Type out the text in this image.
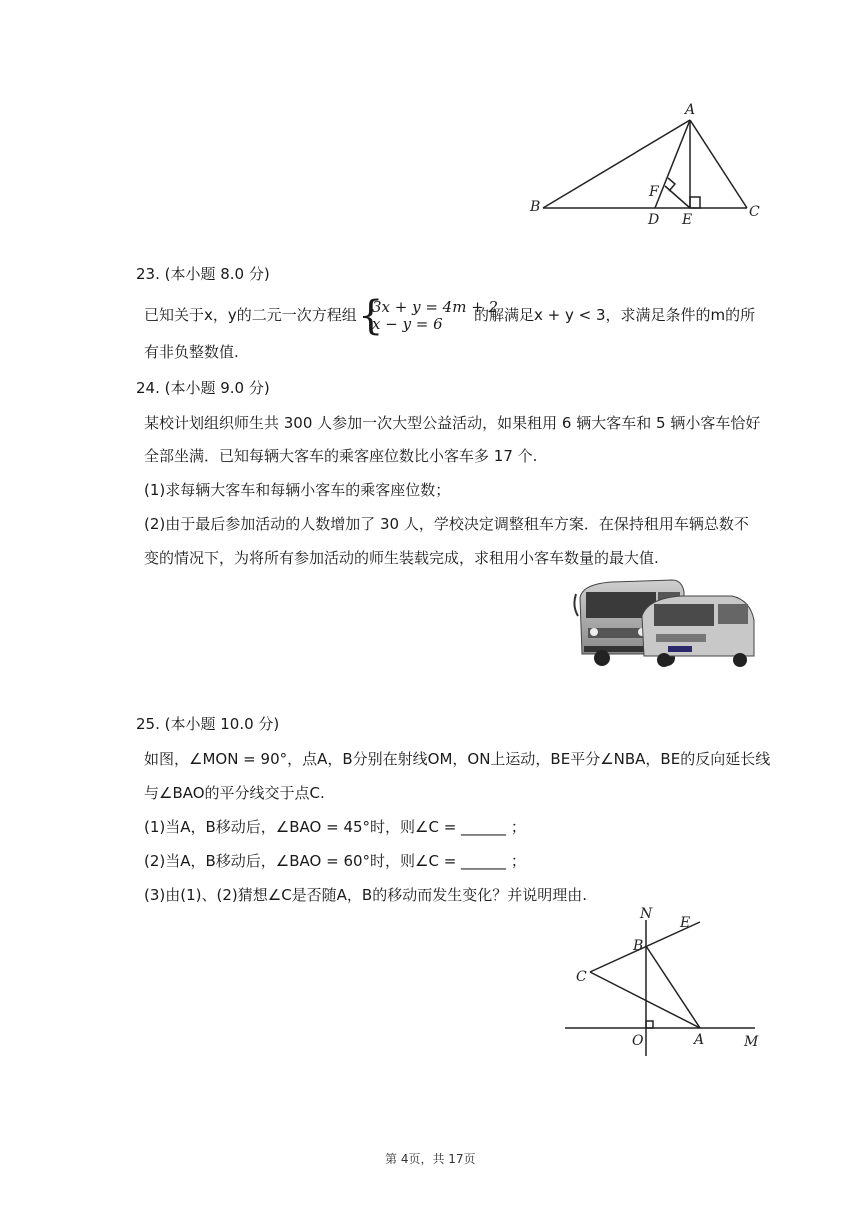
A
B	C
D E
F
23. (本小题 8.0 分)
已知关于x，y的二元一次方程组 {
3x + y = 4m + 2
x − y = 6 的解满足x + y < 3，求满足条件的m的所
有非负整数值.
24. (本小题 9.0 分)
某校计划组织师生共 300 人参加一次大型公益活动，如果租用 6 辆大客车和 5 辆小客车恰好
全部坐满．已知每辆大客车的乘客座位数比小客车多 17 个.
(1)求每辆大客车和每辆小客车的乘客座位数；
(2)由于最后参加活动的人数增加了 30 人，学校决定调整租车方案．在保持租用车辆总数不
变的情况下，为将所有参加活动的师生装载完成，求租用小客车数量的最大值.
25. (本小题 10.0 分)
如图，∠MON = 90°，点A，B分别在射线OM，ON上运动，BE平分∠NBA，BE的反向延长线
与∠BAO的平分线交于点C.
(1)当A，B移动后，∠BAO = 45°时，则∠C = ______ ；
(2)当A，B移动后，∠BAO = 60°时，则∠C = ______ ；
(3)由(1)、(2)猜想∠C是否随A，B的移动而发生变化？并说明理由.
N
E
B
C
O	A	M
第 4页，共 17页
